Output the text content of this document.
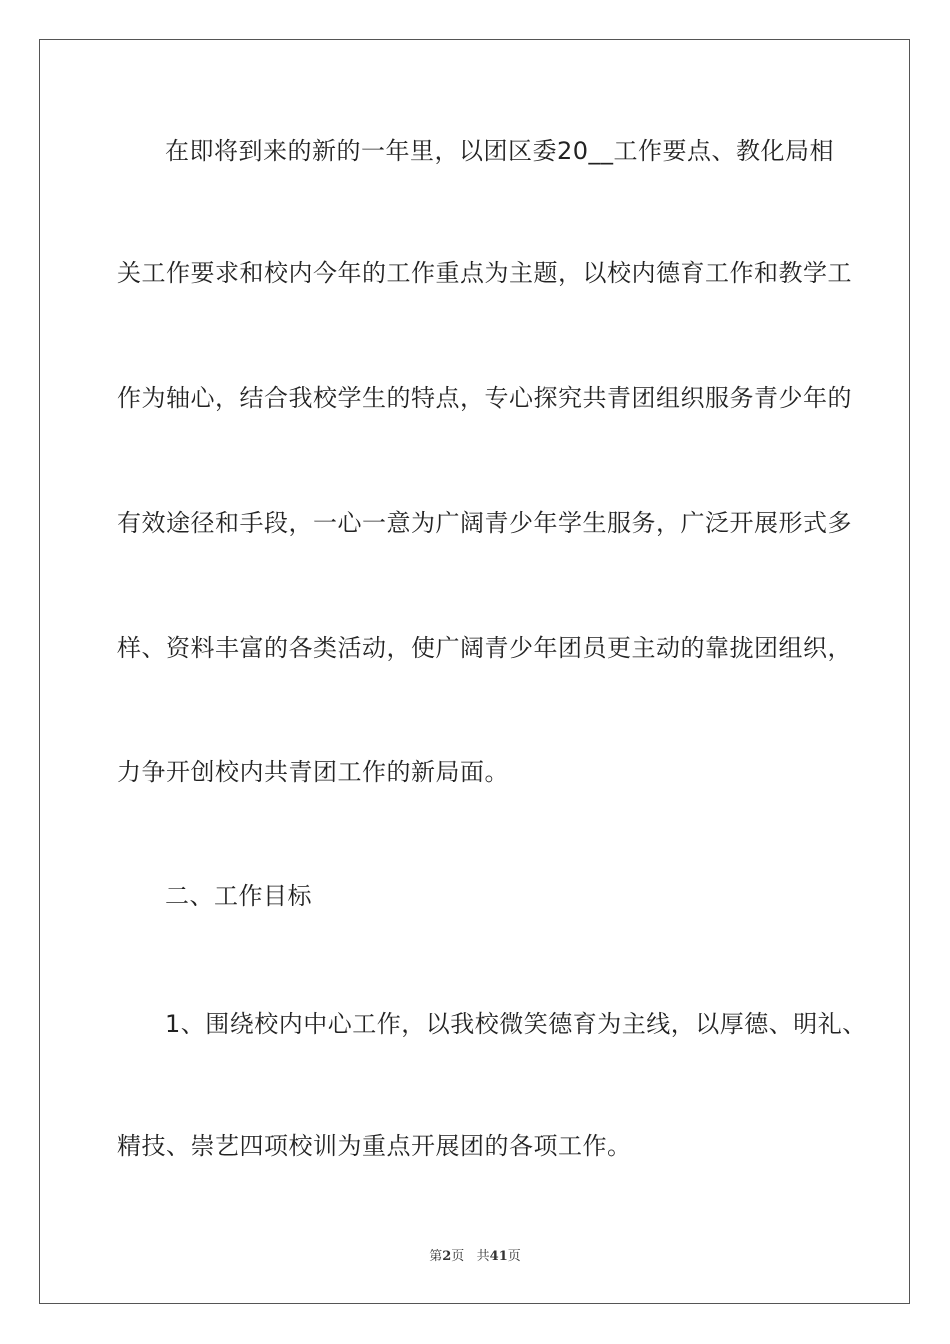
在即将到来的新的一年里，以团区委20__工作要点、教化局相
关工作要求和校内今年的工作重点为主题，以校内德育工作和教学工
作为轴心，结合我校学生的特点，专心探究共青团组织服务青少年的
有效途径和手段，一心一意为广阔青少年学生服务，广泛开展形式多
样、资料丰富的各类活动，使广阔青少年团员更主动的靠拢团组织，
力争开创校内共青团工作的新局面。
二、工作目标
1、围绕校内中心工作，以我校微笑德育为主线，以厚德、明礼、
精技、崇艺四项校训为重点开展团的各项工作。
第2页   共41页
